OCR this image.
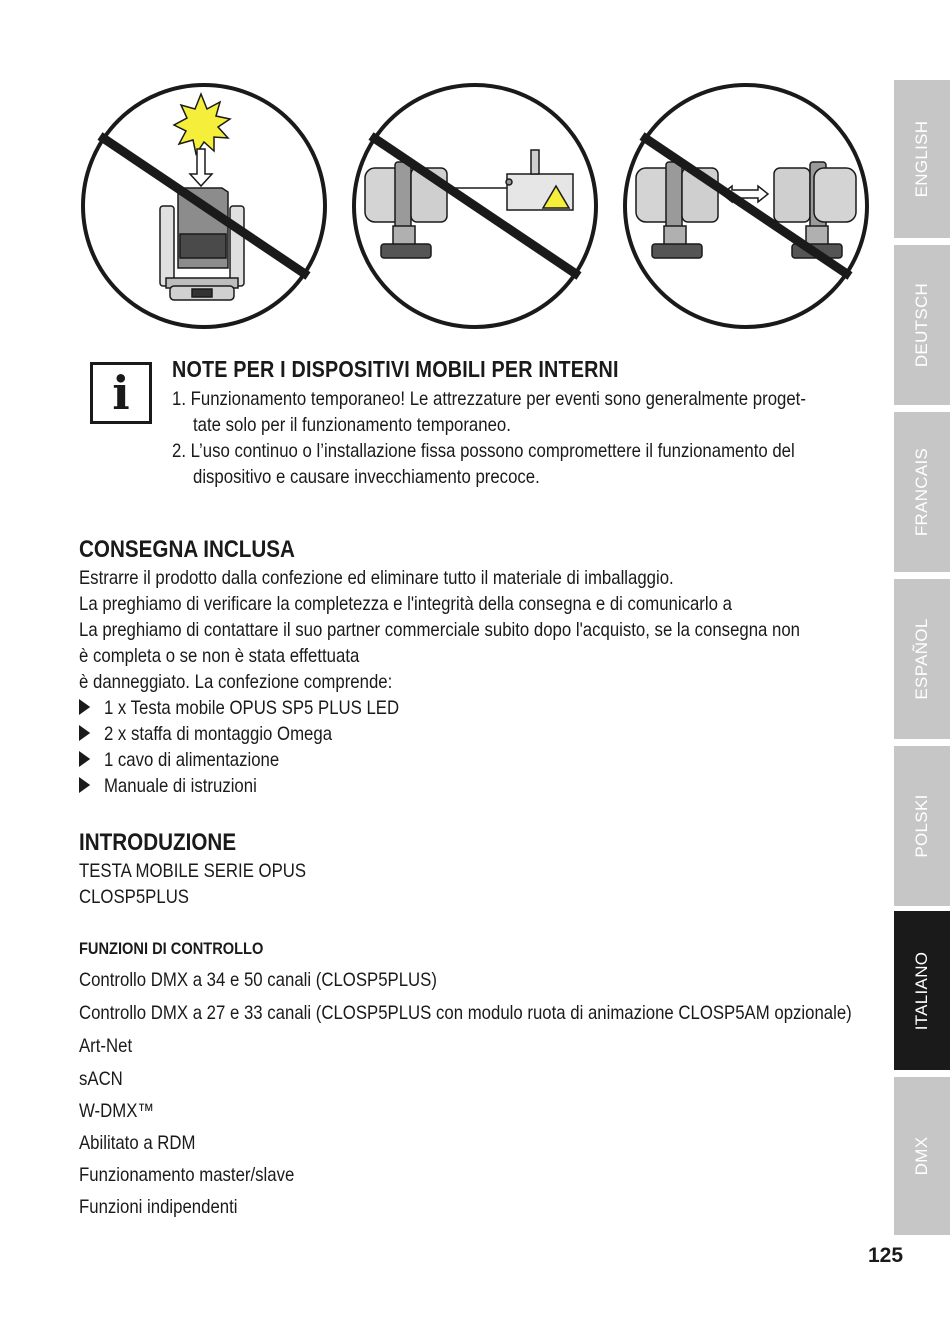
i	NOTE PER I DISPOSITIVI MOBILI PER INTERNI
1. Funzionamento temporaneo! Le attrezzature per eventi sono generalmente proget-
tate solo per il funzionamento temporaneo.
2. L’uso continuo o l’installazione fissa possono compromettere il funzionamento del
dispositivo e causare invecchiamento precoce.
CONSEGNA INCLUSA
Estrarre il prodotto dalla confezione ed eliminare tutto il materiale di imballaggio.
La preghiamo di verificare la completezza e l'integrità della consegna e di comunicarlo a
La preghiamo di contattare il suo partner commerciale subito dopo l'acquisto, se la consegna non
è completa o se non è stata effettuata
è danneggiato. La confezione comprende:
1 x Testa mobile OPUS SP5 PLUS LED
2 x staffa di montaggio Omega
1 cavo di alimentazione
Manuale di istruzioni
INTRODUZIONE
TESTA MOBILE SERIE OPUS
CLOSP5PLUS
FUNZIONI DI CONTROLLO
Controllo DMX a 34 e 50 canali (CLOSP5PLUS)
Controllo DMX a 27 e 33 canali (CLOSP5PLUS con modulo ruota di animazione CLOSP5AM opzionale)
Art-Net
sACN
W-DMX™
Abilitato a RDM
Funzionamento master/slave
Funzioni indipendenti
ENGLISH
DEUTSCH
FRANCAIS
ESPAÑOL
POLSKI
ITALIANO
DMX
125
